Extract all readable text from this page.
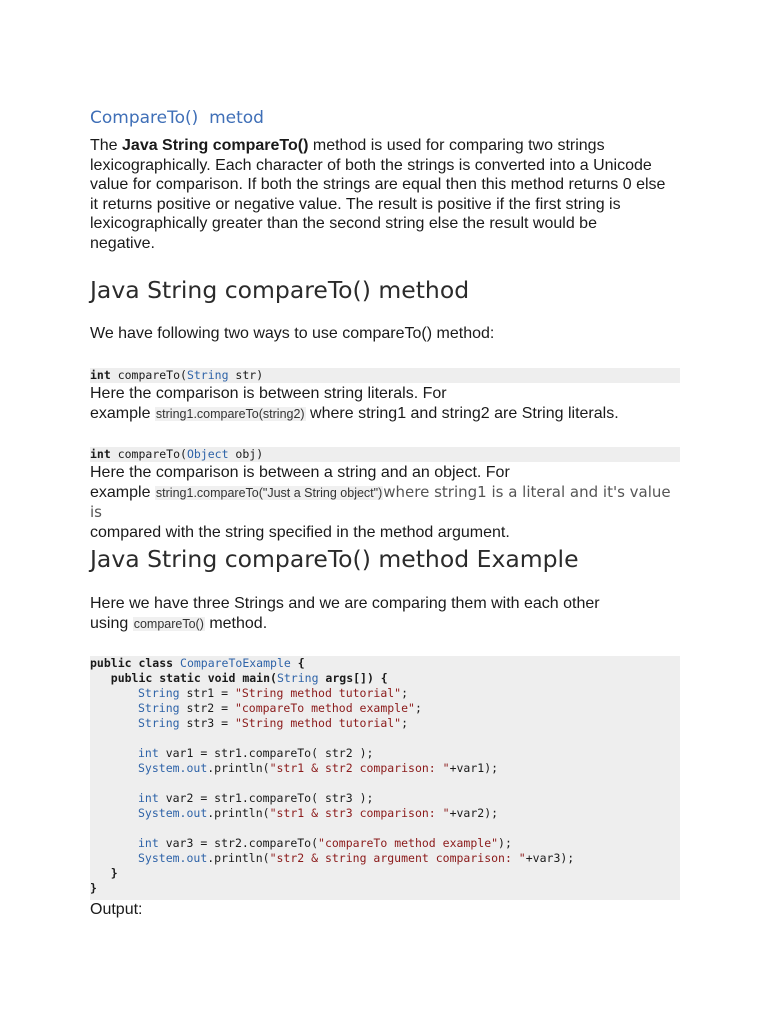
CompareTo()  metod
The Java String compareTo() method is used for comparing two strings
lexicographically. Each character of both the strings is converted into a Unicode
value for comparison. If both the strings are equal then this method returns 0 else
it returns positive or negative value. The result is positive if the first string is
lexicographically greater than the second string else the result would be
negative.
Java String compareTo() method
We have following two ways to use compareTo() method:
int compareTo(String str)
Here the comparison is between string literals. For
example string1.compareTo(string2) where string1 and string2 are String literals.
int compareTo(Object obj)
Here the comparison is between a string and an object. For
example string1.compareTo("Just a String object")where string1 is a literal and it's value is
compared with the string specified in the method argument.
Java String compareTo() method Example
Here we have three Strings and we are comparing them with each other
using compareTo() method.
public class CompareToExample {
public static void main(String args[]) {
String str1 = "String method tutorial";
String str2 = "compareTo method example";
String str3 = "String method tutorial";
int var1 = str1.compareTo( str2 );
System.out.println("str1 & str2 comparison: "+var1);
int var2 = str1.compareTo( str3 );
System.out.println("str1 & str3 comparison: "+var2);
int var3 = str2.compareTo("compareTo method example");
System.out.println("str2 & string argument comparison: "+var3);
}
}
Output:
